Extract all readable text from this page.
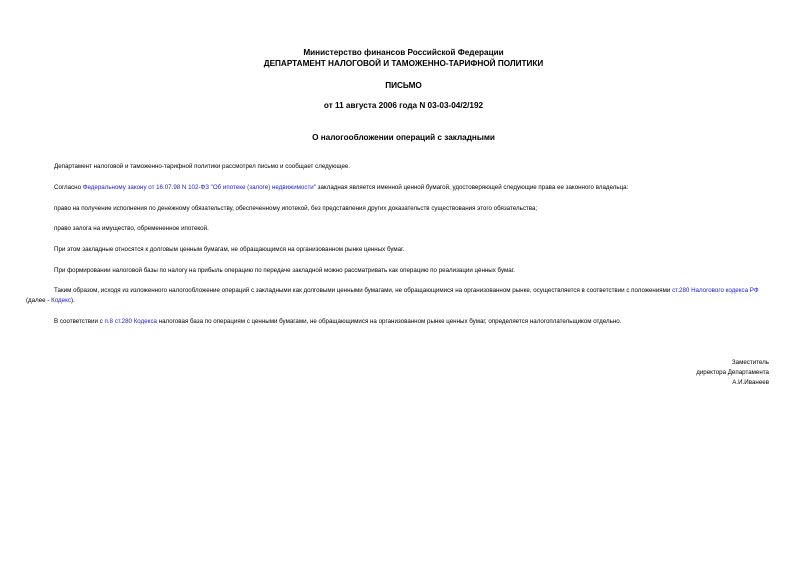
Министерство финансов Российской Федерации
ДЕПАРТАМЕНТ НАЛОГОВОЙ И ТАМОЖЕННО-ТАРИФНОЙ ПОЛИТИКИ
ПИСЬМО
от 11 августа 2006 года N 03-03-04/2/192
О налогообложении операций с закладными
Департамент налоговой и таможенно-тарифной политики рассмотрел письмо и сообщает следующее.
Согласно Федеральному закону от 16.07.98 N 102-ФЗ "Об ипотеке (залоге) недвижимости" закладная является именной ценной бумагой, удостоверяющей следующие права ее законного владельца:
право на получение исполнения по денежному обязательству, обеспеченному ипотекой, без представления других доказательств существования этого обязательства;
право залога на имущество, обремененное ипотекой.
При этом закладные относятся к долговым ценным бумагам, не обращающимся на организованном рынке ценных бумаг.
При формировании налоговой базы по налогу на прибыль операцию по передаче закладной можно рассматривать как операцию по реализации ценных бумаг.
Таким образом, исходя из изложенного налогообложение операций с закладными как долговыми ценными бумагами, не обращающимися на организованном рынке, осуществляется в соответствии с положениями ст.280 Налогового кодекса РФ (далее - Кодекс).
В соответствии с п.8 ст.280 Кодекса налоговая база по операциям с ценными бумагами, не обращающимися на организованном рынке ценных бумаг, определяется налогоплательщиком отдельно.
Заместитель
директора Департамента
А.И.Иванеев
